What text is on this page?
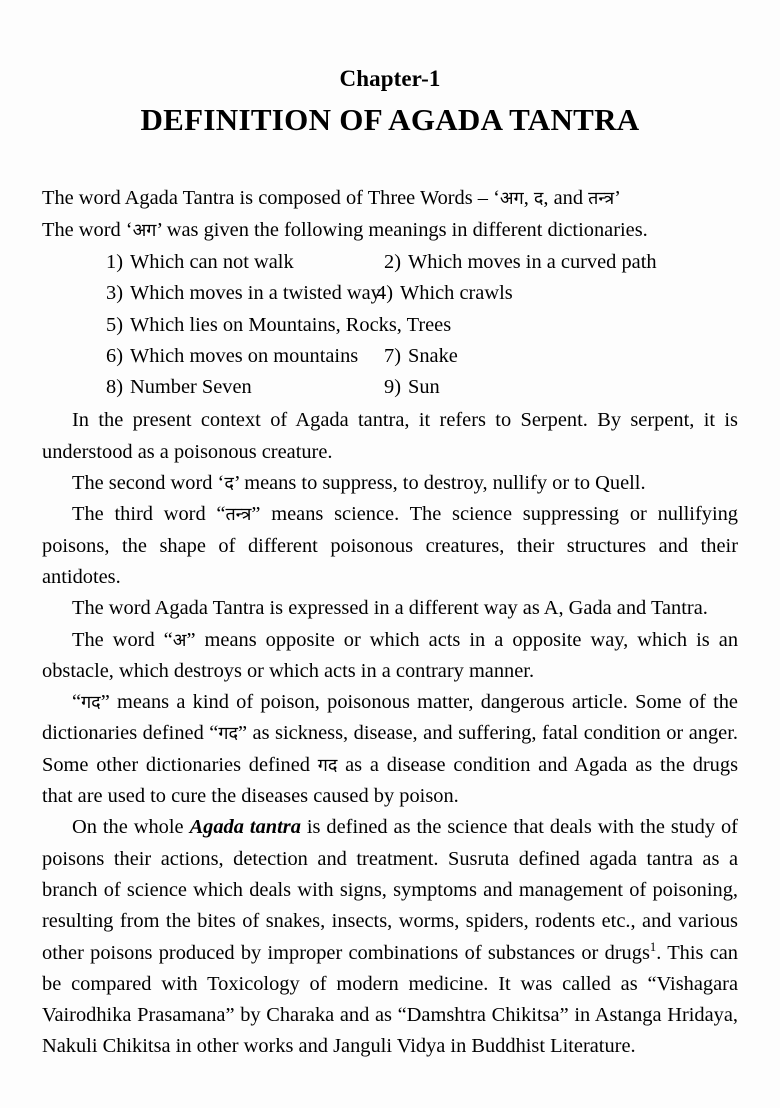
Chapter-1
DEFINITION OF AGADA TANTRA

The word Agada Tantra is composed of Three Words – ‘अग, द, and तन्त्र’

The word ‘अग’ was given the following meanings in different dictionaries.

1) Which can not walk	2) Which moves in a curved path
3) Which moves in a twisted way
4) Which crawls
5) Which lies on Mountains, Rocks, Trees
6) Which moves on mountains 7) Snake
8) Number Seven	9) Sun

In the present context of Agada tantra, it refers to Serpent. By serpent, it is understood as a poisonous creature.

The second word ‘द’ means to suppress, to destroy, nullify or to Quell.

The third word “तन्त्र” means science. The science suppressing or nullifying poisons, the shape of different poisonous creatures, their structures and their antidotes.

The word Agada Tantra is expressed in a different way as A, Gada and Tantra.

The word “अ” means opposite or which acts in a opposite way, which is an obstacle, which destroys or which acts in a contrary manner.

“गद” means a kind of poison, poisonous matter, dangerous article. Some of the dictionaries defined “गद” as sickness, disease, and suffering, fatal condition or anger. Some other dictionaries defined गद as a disease condition and Agada as the drugs that are used to cure the diseases caused by poison.

On the whole Agada tantra is defined as the science that deals with the study of poisons their actions, detection and treatment. Susruta defined agada tantra as a branch of science which deals with signs, symptoms and management of poisoning, resulting from the bites of snakes, insects, worms, spiders, rodents etc., and various other poisons produced by improper combinations of substances or drugs$^1$. This can be compared with Toxicology of modern medicine. It was called as “Vishagara Vairodhika Prasamana” by Charaka and as “Damshtra Chikitsa” in Astanga Hridaya, Nakuli Chikitsa in other works and Janguli Vidya in Buddhist Literature.
